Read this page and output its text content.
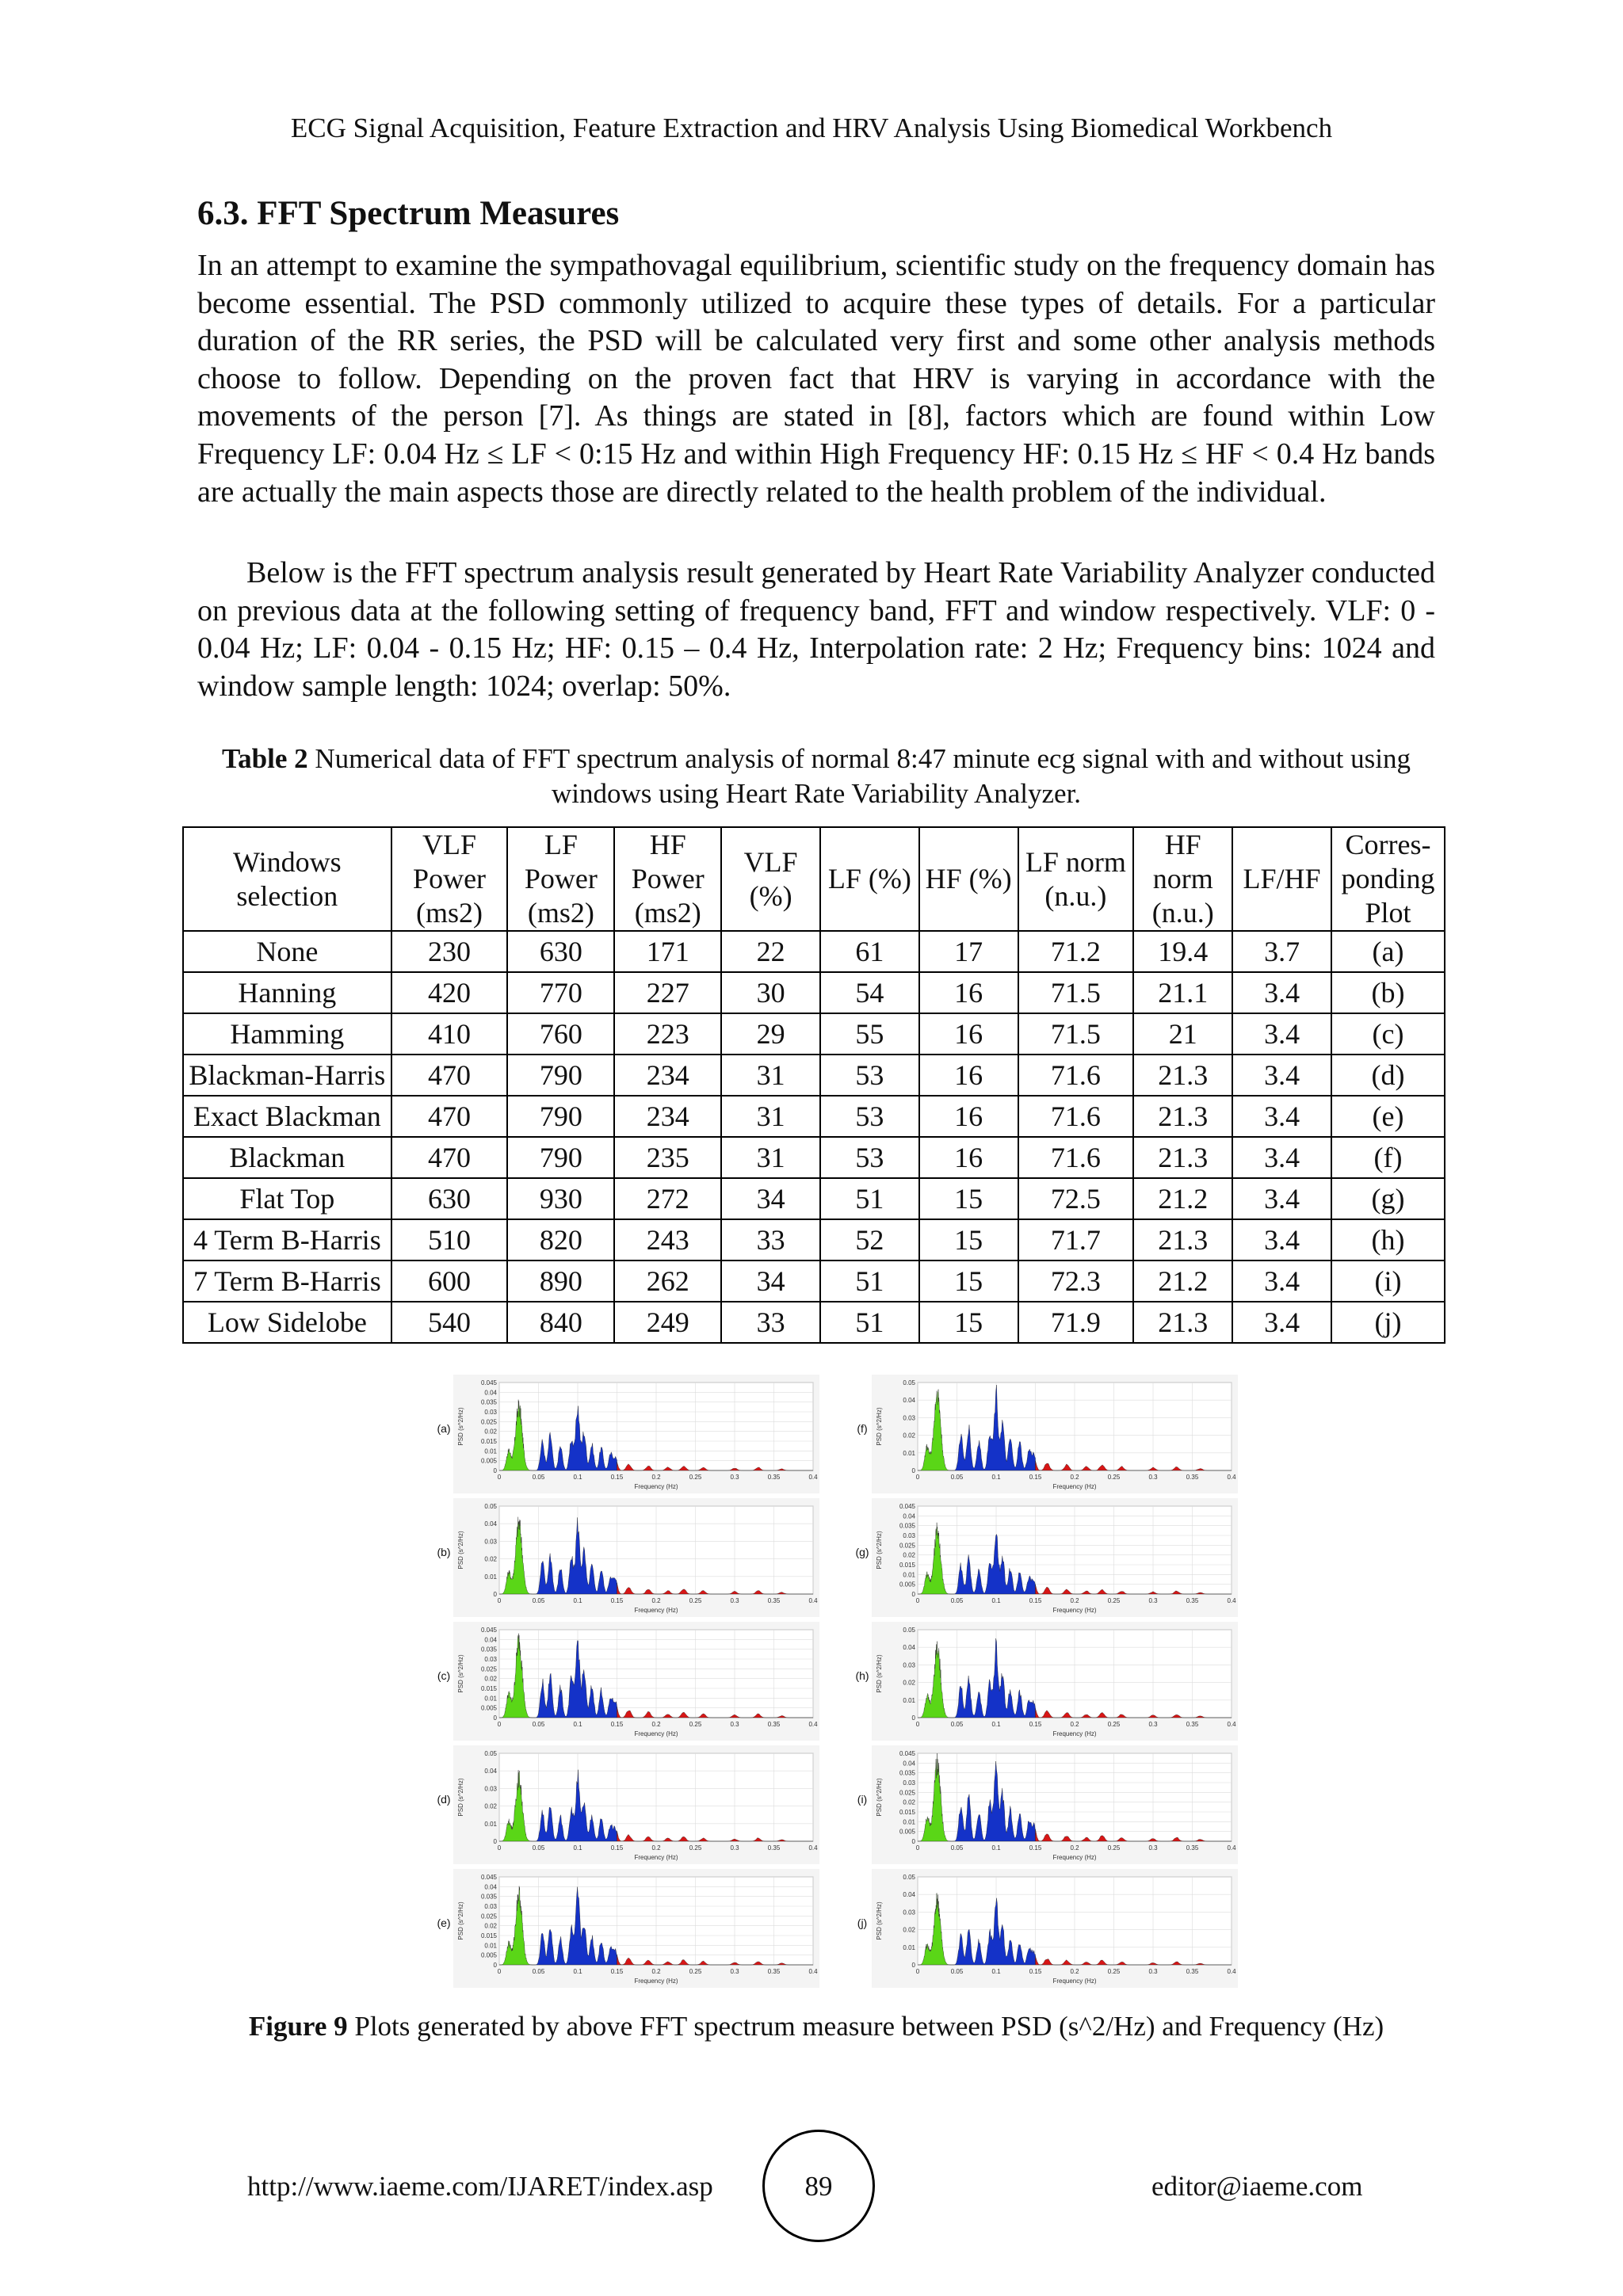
ECG Signal Acquisition, Feature Extraction and HRV Analysis Using Biomedical Workbench
6.3. FFT Spectrum Measures

In an attempt to examine the sympathovagal equilibrium, scientific study on the frequency domain has become essential. The PSD commonly utilized to acquire these types of details. For a particular duration of the RR series, the PSD will be calculated very first and some other analysis methods choose to follow. Depending on the proven fact that HRV is varying in accordance with the movements of the person [7]. As things are stated in [8], factors which are found within Low Frequency LF: 0.04 Hz ≤ LF < 0:15 Hz and within High Frequency HF: 0.15 Hz ≤ HF < 0.4 Hz bands are actually the main aspects those are directly related to the health problem of the individual.

Below is the FFT spectrum analysis result generated by Heart Rate Variability Analyzer conducted on previous data at the following setting of frequency band, FFT and window respectively. VLF: 0 - 0.04 Hz; LF: 0.04 - 0.15 Hz; HF: 0.15 – 0.4 Hz, Interpolation rate: 2 Hz; Frequency bins: 1024 and window sample length: 1024; overlap: 50%.

Table 2 Numerical data of FFT spectrum analysis of normal 8:47 minute ecg signal with and without using windows using Heart Rate Variability Analyzer.

Windows
selection	VLF
Power
(ms2)	LF
Power
(ms2)	HF
Power
(ms2)	VLF
(%)	LF (%)	HF (%)	LF norm
(n.u.)	HF
norm
(n.u.)	LF/HF	Corres-
ponding
Plot
None	230	630	171	22	61	17	71.2	19.4	3.7	(a)
Hanning	420	770	227	30	54	16	71.5	21.1	3.4	(b)
Hamming	410	760	223	29	55	16	71.5	21	3.4	(c)
Blackman-Harris	470	790	234	31	53	16	71.6	21.3	3.4	(d)
Exact Blackman	470	790	234	31	53	16	71.6	21.3	3.4	(e)
Blackman	470	790	235	31	53	16	71.6	21.3	3.4	(f)
Flat Top	630	930	272	34	51	15	72.5	21.2	3.4	(g)
4 Term B-Harris	510	820	243	33	52	15	71.7	21.3	3.4	(h)
7 Term B-Harris	600	890	262	34	51	15	72.3	21.2	3.4	(i)
Low Sidelobe	540	840	249	33	51	15	71.9	21.3	3.4	(j)
(a)
0.045
0.04
0.035
0.03
0.025
0.02
0.015
0.01
0.005
0
0	0.05	0.1	0.15	0.2	0.25	0.3	0.35	0.4
Frequency (Hz)
PSD (s^2/Hz)
(b)
0.05
0.04
0.03
0.02
0.01
0
0	0.05	0.1	0.15	0.2	0.25	0.3	0.35	0.4
Frequency (Hz)
PSD (s^2/Hz)
(c)
0.045
0.04
0.035
0.03
0.025
0.02
0.015
0.01
0.005
0
0	0.05	0.1	0.15	0.2	0.25	0.3	0.35	0.4
Frequency (Hz)
PSD (s^2/Hz)
(d)
0.05
0.04
0.03
0.02
0.01
0
0	0.05	0.1	0.15	0.2	0.25	0.3	0.35	0.4
Frequency (Hz)
PSD (s^2/Hz)
(e)
0.045
0.04
0.035
0.03
0.025
0.02
0.015
0.01
0.005
0
0	0.05	0.1	0.15	0.2	0.25	0.3	0.35	0.4
Frequency (Hz)
PSD (s^2/Hz)
(f)
0.05
0.04
0.03
0.02
0.01
0
0	0.05	0.1	0.15	0.2	0.25	0.3	0.35	0.4
Frequency (Hz)
PSD (s^2/Hz)
(g)
0.045
0.04
0.035
0.03
0.025
0.02
0.015
0.01
0.005
0
0	0.05	0.1	0.15	0.2	0.25	0.3	0.35	0.4
Frequency (Hz)
PSD (s^2/Hz)
(h)
0.05
0.04
0.03
0.02
0.01
0
0	0.05	0.1	0.15	0.2	0.25	0.3	0.35	0.4
Frequency (Hz)
PSD (s^2/Hz)
(i)
0.045
0.04
0.035
0.03
0.025
0.02
0.015
0.01
0.005
0
0	0.05	0.1	0.15	0.2	0.25	0.3	0.35	0.4
Frequency (Hz)
PSD (s^2/Hz)
(j)
0.05
0.04
0.03
0.02
0.01
0
0	0.05	0.1	0.15	0.2	0.25	0.3	0.35	0.4
Frequency (Hz)
PSD (s^2/Hz)

Figure 9 Plots generated by above FFT spectrum measure between PSD (s^2/Hz) and Frequency (Hz)

http://www.iaeme.com/IJARET/index.asp	89	editor@iaeme.com
